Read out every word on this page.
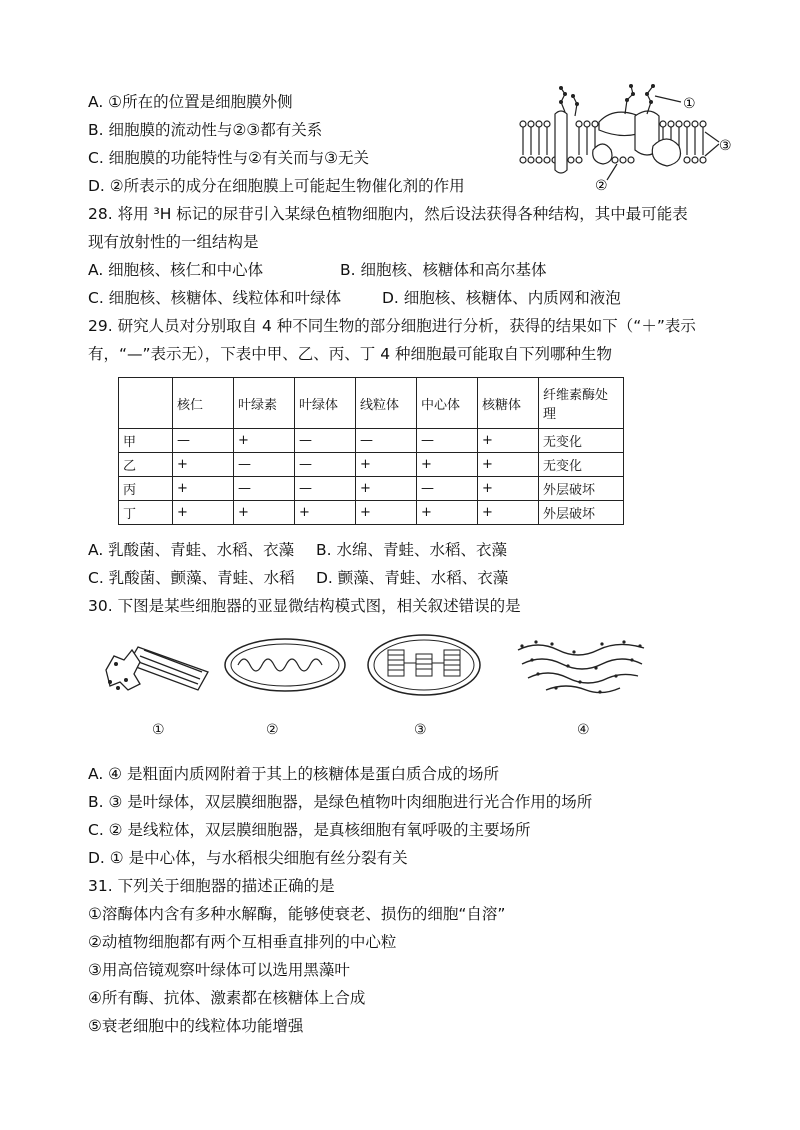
A. ①所在的位置是细胞膜外侧
B. 细胞膜的流动性与②③都有关系
C. 细胞膜的功能特性与②有关而与③无关
D. ②所表示的成分在细胞膜上可能起生物催化剂的作用
①
③
②
28. 将用 ³H 标记的尿苷引入某绿色植物细胞内，然后设法获得各种结构，其中最可能表
现有放射性的一组结构是
A. 细胞核、核仁和中心体	B. 细胞核、核糖体和高尔基体
C. 细胞核、核糖体、线粒体和叶绿体	D. 细胞核、核糖体、内质网和液泡
29. 研究人员对分别取自 4 种不同生物的部分细胞进行分析，获得的结果如下（“＋”表示
有，“—”表示无），下表中甲、乙、丙、丁 4 种细胞最可能取自下列哪种生物
	核仁	叶绿素	叶绿体	线粒体	中心体	核糖体	纤维素酶处理
甲	—	+	—	—	—	+	无变化
乙	+	—	—	+	+	+	无变化
丙	+	—	—	+	—	+	外层破坏
丁	+	+	+	+	+	+	外层破坏
A. 乳酸菌、青蛙、水稻、衣藻 B. 水绵、青蛙、水稻、衣藻
C. 乳酸菌、颤藻、青蛙、水稻 D. 颤藻、青蛙、水稻、衣藻
30. 下图是某些细胞器的亚显微结构模式图，相关叙述错误的是
①	②	③	④
A. ④ 是粗面内质网附着于其上的核糖体是蛋白质合成的场所
B. ③ 是叶绿体，双层膜细胞器，是绿色植物叶肉细胞进行光合作用的场所
C. ② 是线粒体，双层膜细胞器，是真核细胞有氧呼吸的主要场所
D. ① 是中心体，与水稻根尖细胞有丝分裂有关
31. 下列关于细胞器的描述正确的是
①溶酶体内含有多种水解酶，能够使衰老、损伤的细胞“自溶”
②动植物细胞都有两个互相垂直排列的中心粒
③用高倍镜观察叶绿体可以选用黑藻叶
④所有酶、抗体、激素都在核糖体上合成
⑤衰老细胞中的线粒体功能增强
